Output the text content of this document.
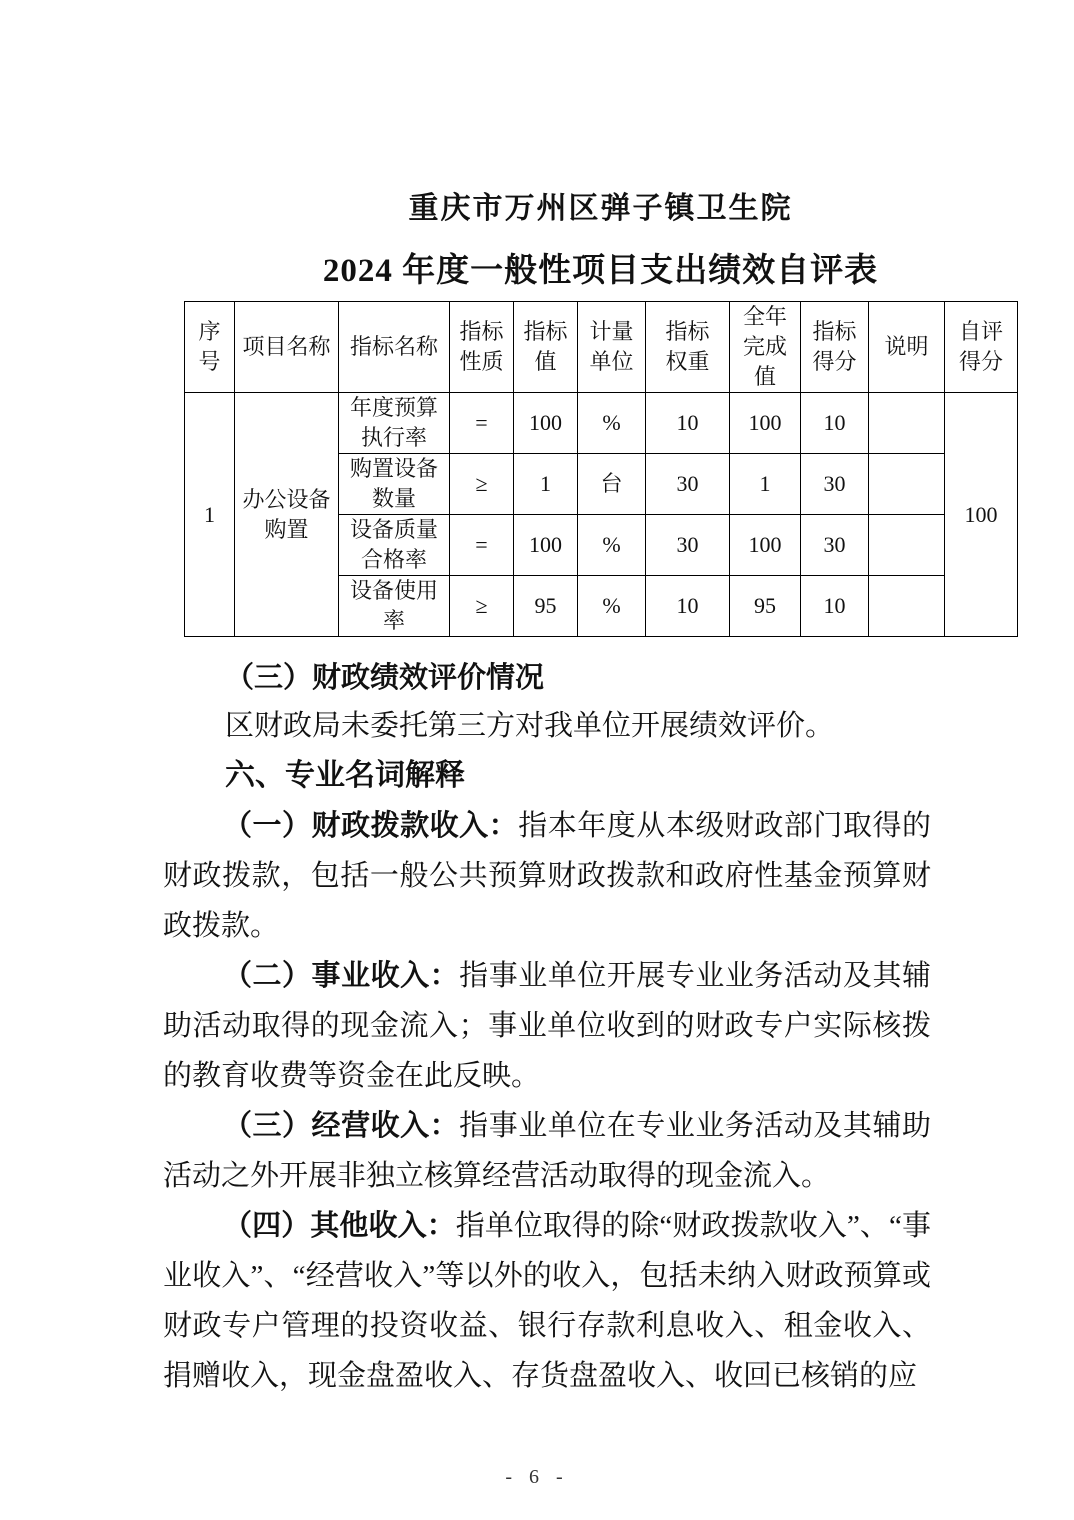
重庆市万州区弹子镇卫生院
2024 年度一般性项目支出绩效自评表
序号	项目名称	指标名称	指标性质	指标值	计量单位	指标权重	全年完成值	指标得分	说明	自评得分
1	办公设备购置	年度预算执行率	=	100	%	10	100	10		100
		购置设备数量	≥	1	台	30	1	30		
		设备质量合格率	=	100	%	30	100	30		
		设备使用率	≥	95	%	10	95	10		
（三）财政绩效评价情况
区财政局未委托第三方对我单位开展绩效评价。
六、专业名词解释

（一）财政拨款收入：指本年度从本级财政部门取得的财政拨款，包括一般公共预算财政拨款和政府性基金预算财政拨款。

（二）事业收入：指事业单位开展专业业务活动及其辅助活动取得的现金流入；事业单位收到的财政专户实际核拨的教育收费等资金在此反映。

（三）经营收入：指事业单位在专业业务活动及其辅助活动之外开展非独立核算经营活动取得的现金流入。

（四）其他收入：指单位取得的除“财政拨款收入”、“事业收入”、“经营收入”等以外的收入，包括未纳入财政预算或财政专户管理的投资收益、银行存款利息收入、租金收入、捐赠收入，现金盘盈收入、存货盘盈收入、收回已核销的应

- 6 -
